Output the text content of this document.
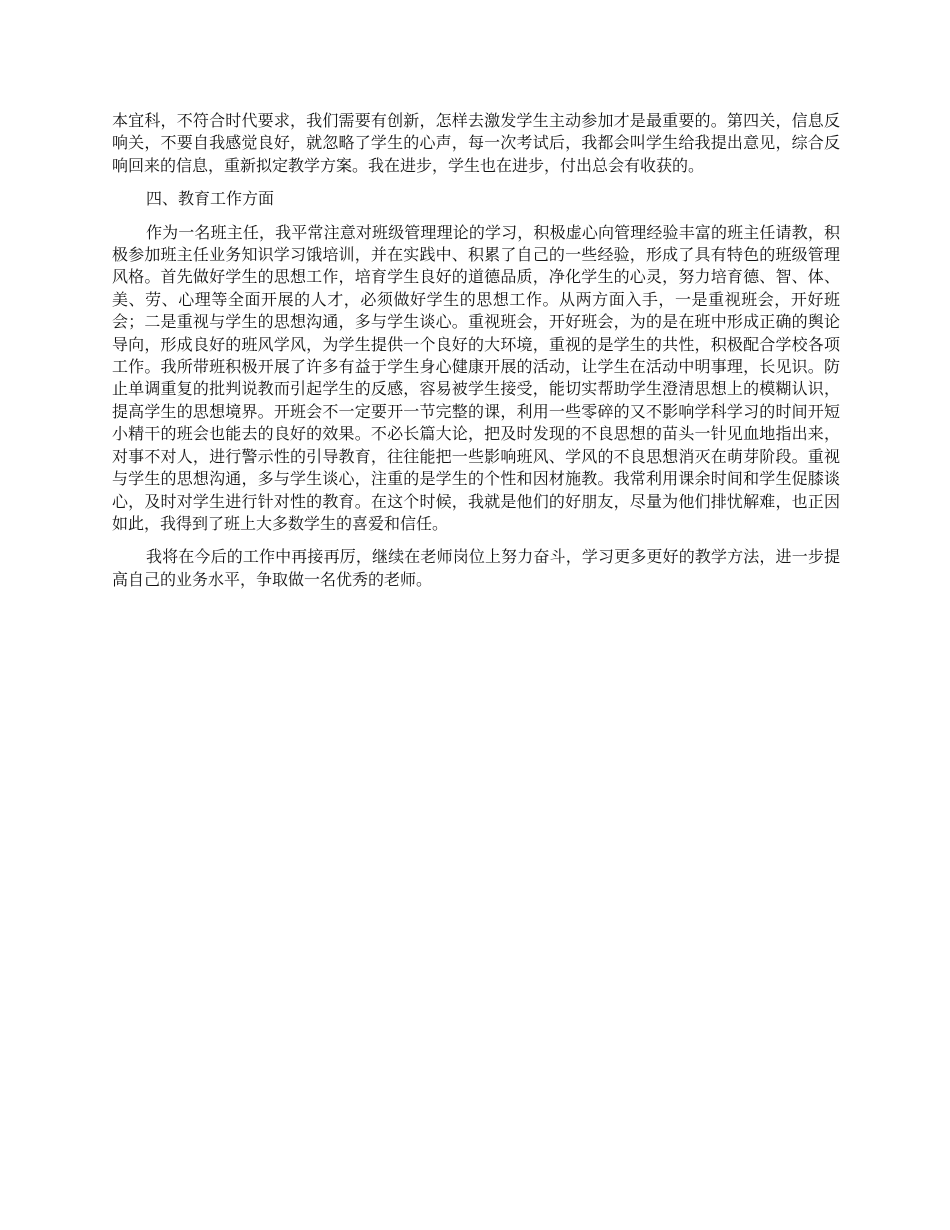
本宜科，不符合时代要求，我们需要有创新，怎样去激发学生主动参加才是最重要的。第四关，信息反响关，不要自我感觉良好，就忽略了学生的心声，每一次考试后，我都会叫学生给我提出意见，综合反响回来的信息，重新拟定教学方案。我在进步，学生也在进步，付出总会有收获的。

四、教育工作方面

作为一名班主任，我平常注意对班级管理理论的学习，积极虚心向管理经验丰富的班主任请教，积极参加班主任业务知识学习饿培训，并在实践中、积累了自己的一些经验，形成了具有特色的班级管理风格。首先做好学生的思想工作，培育学生良好的道德品质，净化学生的心灵，努力培育德、智、体、美、劳、心理等全面开展的人才，必须做好学生的思想工作。从两方面入手，一是重视班会，开好班会；二是重视与学生的思想沟通，多与学生谈心。重视班会，开好班会，为的是在班中形成正确的舆论导向，形成良好的班风学风，为学生提供一个良好的大环境，重视的是学生的共性，积极配合学校各项工作。我所带班积极开展了许多有益于学生身心健康开展的活动，让学生在活动中明事理，长见识。防止单调重复的批判说教而引起学生的反感，容易被学生接受，能切实帮助学生澄清思想上的模糊认识，提高学生的思想境界。开班会不一定要开一节完整的课，利用一些零碎的又不影响学科学习的时间开短小精干的班会也能去的良好的效果。不必长篇大论，把及时发现的不良思想的苗头一针见血地指出来，对事不对人，进行警示性的引导教育，往往能把一些影响班风、学风的不良思想消灭在萌芽阶段。重视与学生的思想沟通，多与学生谈心，注重的是学生的个性和因材施教。我常利用课余时间和学生促膝谈心，及时对学生进行针对性的教育。在这个时候，我就是他们的好朋友，尽量为他们排忧解难，也正因如此，我得到了班上大多数学生的喜爱和信任。

我将在今后的工作中再接再厉，继续在老师岗位上努力奋斗，学习更多更好的教学方法，进一步提高自己的业务水平，争取做一名优秀的老师。
